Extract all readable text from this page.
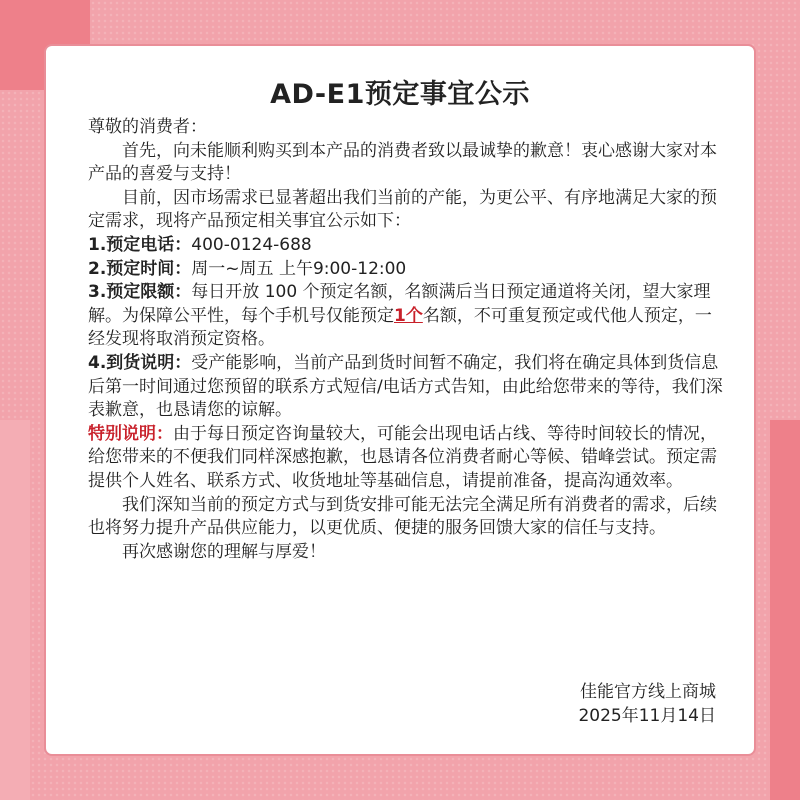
AD-E1预定事宜公示

尊敬的消费者：

首先，向未能顺利购买到本产品的消费者致以最诚挚的歉意！衷心感谢大家对本产品的喜爱与支持！

目前，因市场需求已显著超出我们当前的产能，为更公平、有序地满足大家的预定需求，现将产品预定相关事宜公示如下：

1.预定电话：400-0124-688

2.预定时间：周一~周五 上午9:00-12:00

3.预定限额：每日开放 100 个预定名额，名额满后当日预定通道将关闭，望大家理解。为保障公平性，每个手机号仅能预定1个名额，不可重复预定或代他人预定，一经发现将取消预定资格。

4.到货说明：受产能影响，当前产品到货时间暂不确定，我们将在确定具体到货信息后第一时间通过您预留的联系方式短信/电话方式告知，由此给您带来的等待，我们深表歉意，也恳请您的谅解。

特别说明：由于每日预定咨询量较大，可能会出现电话占线、等待时间较长的情况，给您带来的不便我们同样深感抱歉，也恳请各位消费者耐心等候、错峰尝试。预定需提供个人姓名、联系方式、收货地址等基础信息，请提前准备，提高沟通效率。

我们深知当前的预定方式与到货安排可能无法完全满足所有消费者的需求，后续也将努力提升产品供应能力，以更优质、便捷的服务回馈大家的信任与支持。

再次感谢您的理解与厚爱！

佳能官方线上商城
2025年11月14日
